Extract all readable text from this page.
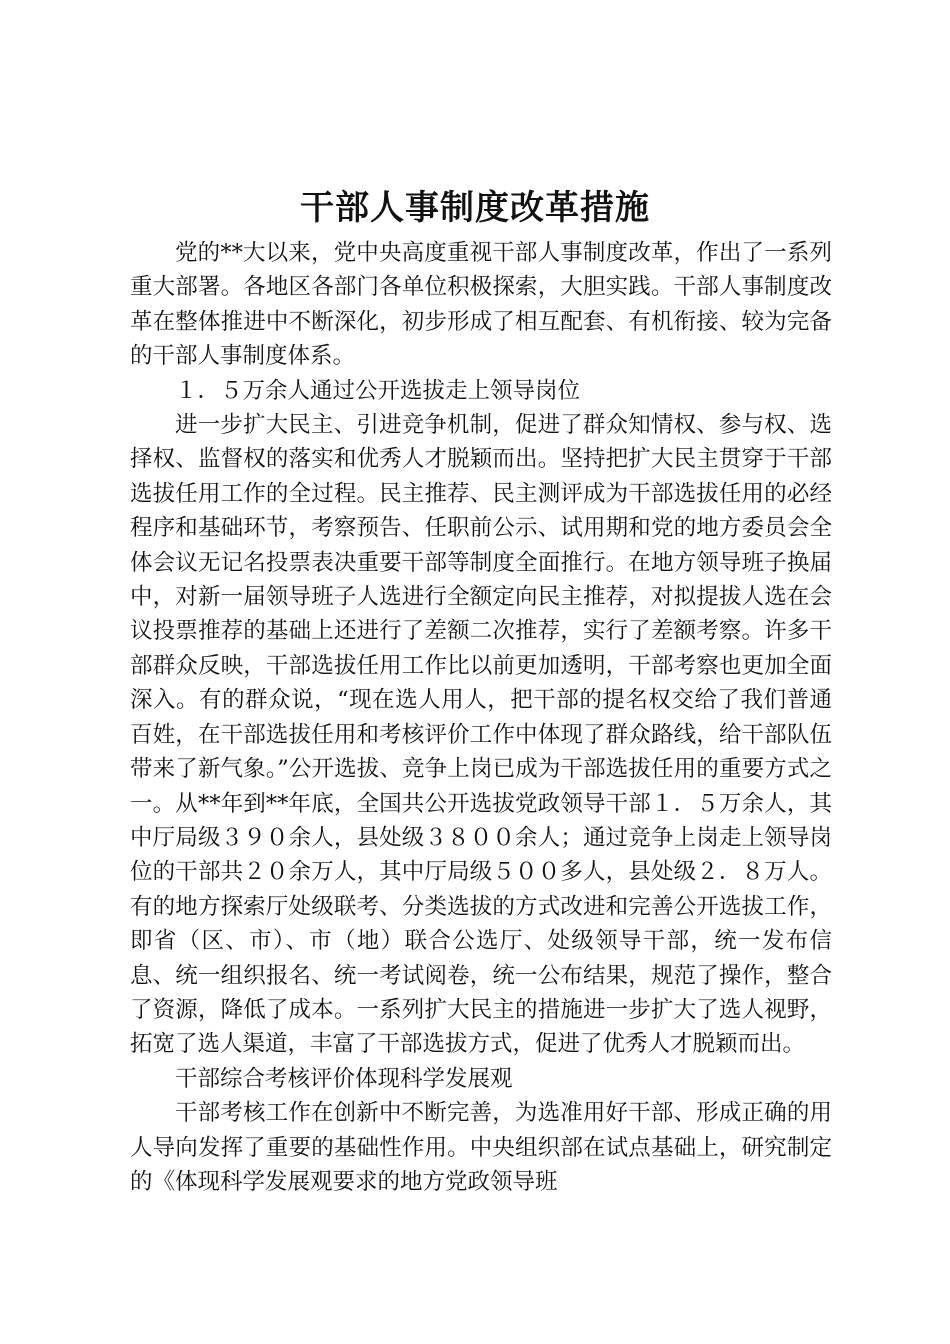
干部人事制度改革措施

党的**大以来，党中央高度重视干部人事制度改革，作出了一系列重大部署。各地区各部门各单位积极探索，大胆实践。干部人事制度改革在整体推进中不断深化，初步形成了相互配套、有机衔接、较为完备的干部人事制度体系。

１．５万余人通过公开选拔走上领导岗位

进一步扩大民主、引进竞争机制，促进了群众知情权、参与权、选择权、监督权的落实和优秀人才脱颖而出。坚持把扩大民主贯穿于干部选拔任用工作的全过程。民主推荐、民主测评成为干部选拔任用的必经程序和基础环节，考察预告、任职前公示、试用期和党的地方委员会全体会议无记名投票表决重要干部等制度全面推行。在地方领导班子换届中，对新一届领导班子人选进行全额定向民主推荐，对拟提拔人选在会议投票推荐的基础上还进行了差额二次推荐，实行了差额考察。许多干部群众反映，干部选拔任用工作比以前更加透明，干部考察也更加全面深入。有的群众说，“现在选人用人，把干部的提名权交给了我们普通百姓，在干部选拔任用和考核评价工作中体现了群众路线，给干部队伍带来了新气象。”公开选拔、竞争上岗已成为干部选拔任用的重要方式之一。从**年到**年底，全国共公开选拔党政领导干部１．５万余人，其中厅局级３９０余人，县处级３８００余人；通过竞争上岗走上领导岗位的干部共２０余万人，其中厅局级５００多人，县处级２．８万人。有的地方探索厅处级联考、分类选拔的方式改进和完善公开选拔工作，即省（区、市）、市（地）联合公选厅、处级领导干部，统一发布信息、统一组织报名、统一考试阅卷，统一公布结果，规范了操作，整合了资源，降低了成本。一系列扩大民主的措施进一步扩大了选人视野，拓宽了选人渠道，丰富了干部选拔方式，促进了优秀人才脱颖而出。

干部综合考核评价体现科学发展观

干部考核工作在创新中不断完善，为选准用好干部、形成正确的用人导向发挥了重要的基础性作用。中央组织部在试点基础上，研究制定的《体现科学发展观要求的地方党政领导班
